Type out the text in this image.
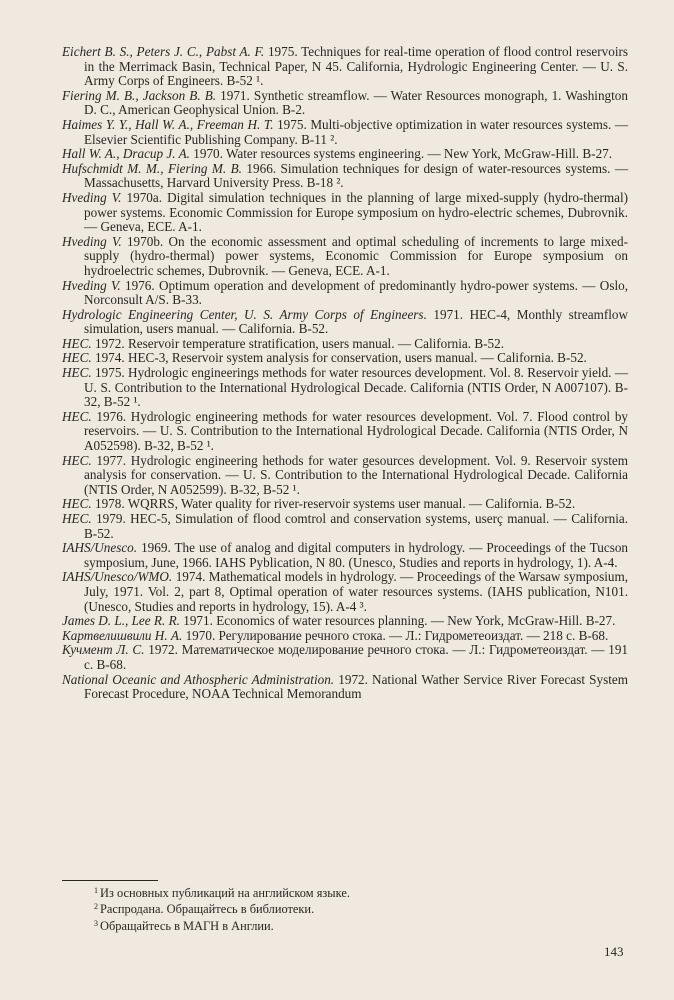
Eichert B. S., Peters J. C., Pabst A. F. 1975. Techniques for real-time operation of flood control reservoirs in the Merrimack Basin, Technical Paper, N 45. California, Hydrologic Engineering Center. — U. S. Army Corps of Engineers. B-52 ¹.

Fiering M. B., Jackson B. B. 1971. Synthetic streamflow. — Water Resources monograph, 1. Washington D. C., American Geophysical Union. B-2.

Haimes Y. Y., Hall W. A., Freeman H. T. 1975. Multi-objective optimization in water resources systems. — Elsevier Scientific Publishing Company. B-11 ².

Hall W. A., Dracup J. A. 1970. Water resources systems engineering. — New York, McGraw-Hill. B-27.

Hufschmidt M. M., Fiering M. B. 1966. Simulation techniques for design of water-resources systems. — Massachusetts, Harvard University Press. B-18 ².

Hveding V. 1970a. Digital simulation techniques in the planning of large mixed-supply (hydro-thermal) power systems. Economic Commission for Europe symposium on hydro-electric schemes, Dubrovnik. — Geneva, ECE. A-1.

Hveding V. 1970b. On the economic assessment and optimal scheduling of increments to large mixed-supply (hydro-thermal) power systems, Economic Commission for Europe symposium on hydroelectric schemes, Dubrovnik. — Geneva, ECE. A-1.

Hveding V. 1976. Optimum operation and development of predominantly hydro-power systems. — Oslo, Norconsult A/S. B-33.

Hydrologic Engineering Center, U. S. Army Corps of Engineers. 1971. HEC-4, Monthly streamflow simulation, users manual. — California. B-52.

HEC. 1972. Reservoir temperature stratification, users manual. — California. B-52.

HEC. 1974. HEC-3, Reservoir system analysis for conservation, users manual. — California. B-52.

HEC. 1975. Hydrologic engineerings methods for water resources development. Vol. 8. Reservoir yield. — U. S. Contribution to the International Hydrological Decade. California (NTIS Order, N A007107). B-32, B-52 ¹.

HEC. 1976. Hydrologic engineering methods for water resources development. Vol. 7. Flood control by reservoirs. — U. S. Contribution to the International Hydrological Decade. California (NTIS Order, N A052598). B-32, B-52 ¹.

HEC. 1977. Hydrologic engineering hethods for water gesources development. Vol. 9. Reservoir system analysis for conservation. — U. S. Contribution to the International Hydrological Decade. California (NTIS Order, N A052599). B-32, B-52 ¹.

HEC. 1978. WQRRS, Water quality for river-reservoir systems user manual. — California. B-52.

HEC. 1979. HEC-5, Simulation of flood comtrol and conservation systems, userç manual. — California. B-52.

IAHS/Unesco. 1969. The use of analog and digital computers in hydrology. — Proceedings of the Tucson symposium, June, 1966. IAHS Pyblication, N 80. (Unesco, Studies and reports in hydrology, 1). A-4.

IAHS/Unesco/WMO. 1974. Mathematical models in hydrology. — Proceedings of the Warsaw symposium, July, 1971. Vol. 2, part 8, Optimal operation of water resources systems. (IAHS publication, N101. (Unesco, Studies and reports in hydrology, 15). A-4 ³.

James D. L., Lee R. R. 1971. Economics of water resources planning. — New York, McGraw-Hill. B-27.

Картвелишвили Н. А. 1970. Регулирование речного стока. — Л.: Гидрометеоиздат. — 218 с. B-68.

Кучмент Л. С. 1972. Математическое моделирование речного стока. — Л.: Гидрометеоиздат. — 191 с. B-68.

National Oceanic and Athospheric Administration. 1972. National Wather Service River Forecast System Forecast Procedure, NOAA Technical Memorandum

$^1$ Из основных публикаций на английском языке.

$^2$ Распродана. Обращайтесь в библиотеки.

$^3$ Обращайтесь в МАГН в Англии.

143
